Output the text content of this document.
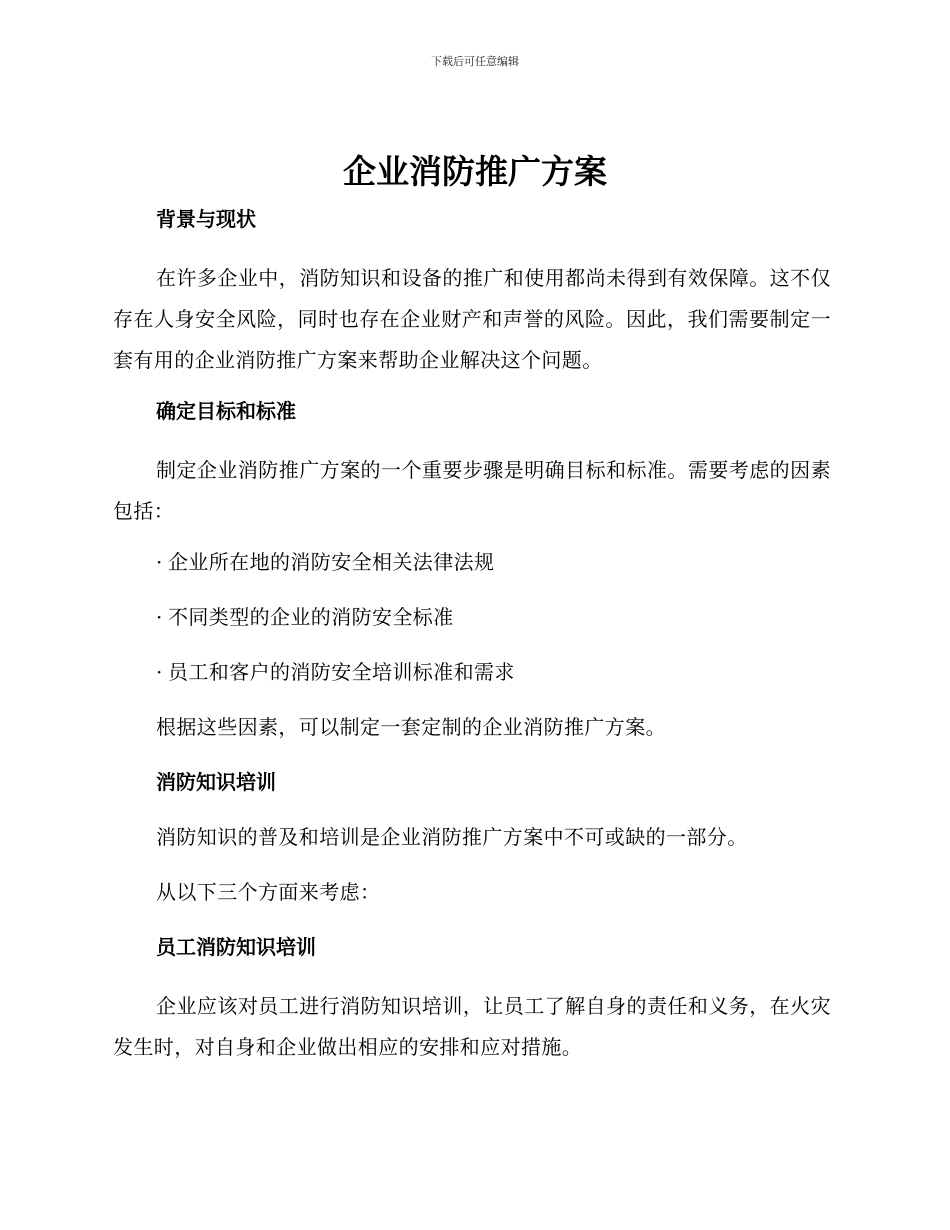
下载后可任意编辑
企业消防推广方案
背景与现状

在许多企业中，消防知识和设备的推广和使用都尚未得到有效保障。这不仅存在人身安全风险，同时也存在企业财产和声誉的风险。因此，我们需要制定一套有用的企业消防推广方案来帮助企业解决这个问题。

确定目标和标准

制定企业消防推广方案的一个重要步骤是明确目标和标准。需要考虑的因素包括：

· 企业所在地的消防安全相关法律法规
· 不同类型的企业的消防安全标准
· 员工和客户的消防安全培训标准和需求

根据这些因素，可以制定一套定制的企业消防推广方案。

消防知识培训

消防知识的普及和培训是企业消防推广方案中不可或缺的一部分。

从以下三个方面来考虑：

员工消防知识培训

企业应该对员工进行消防知识培训，让员工了解自身的责任和义务，在火灾发生时，对自身和企业做出相应的安排和应对措施。
